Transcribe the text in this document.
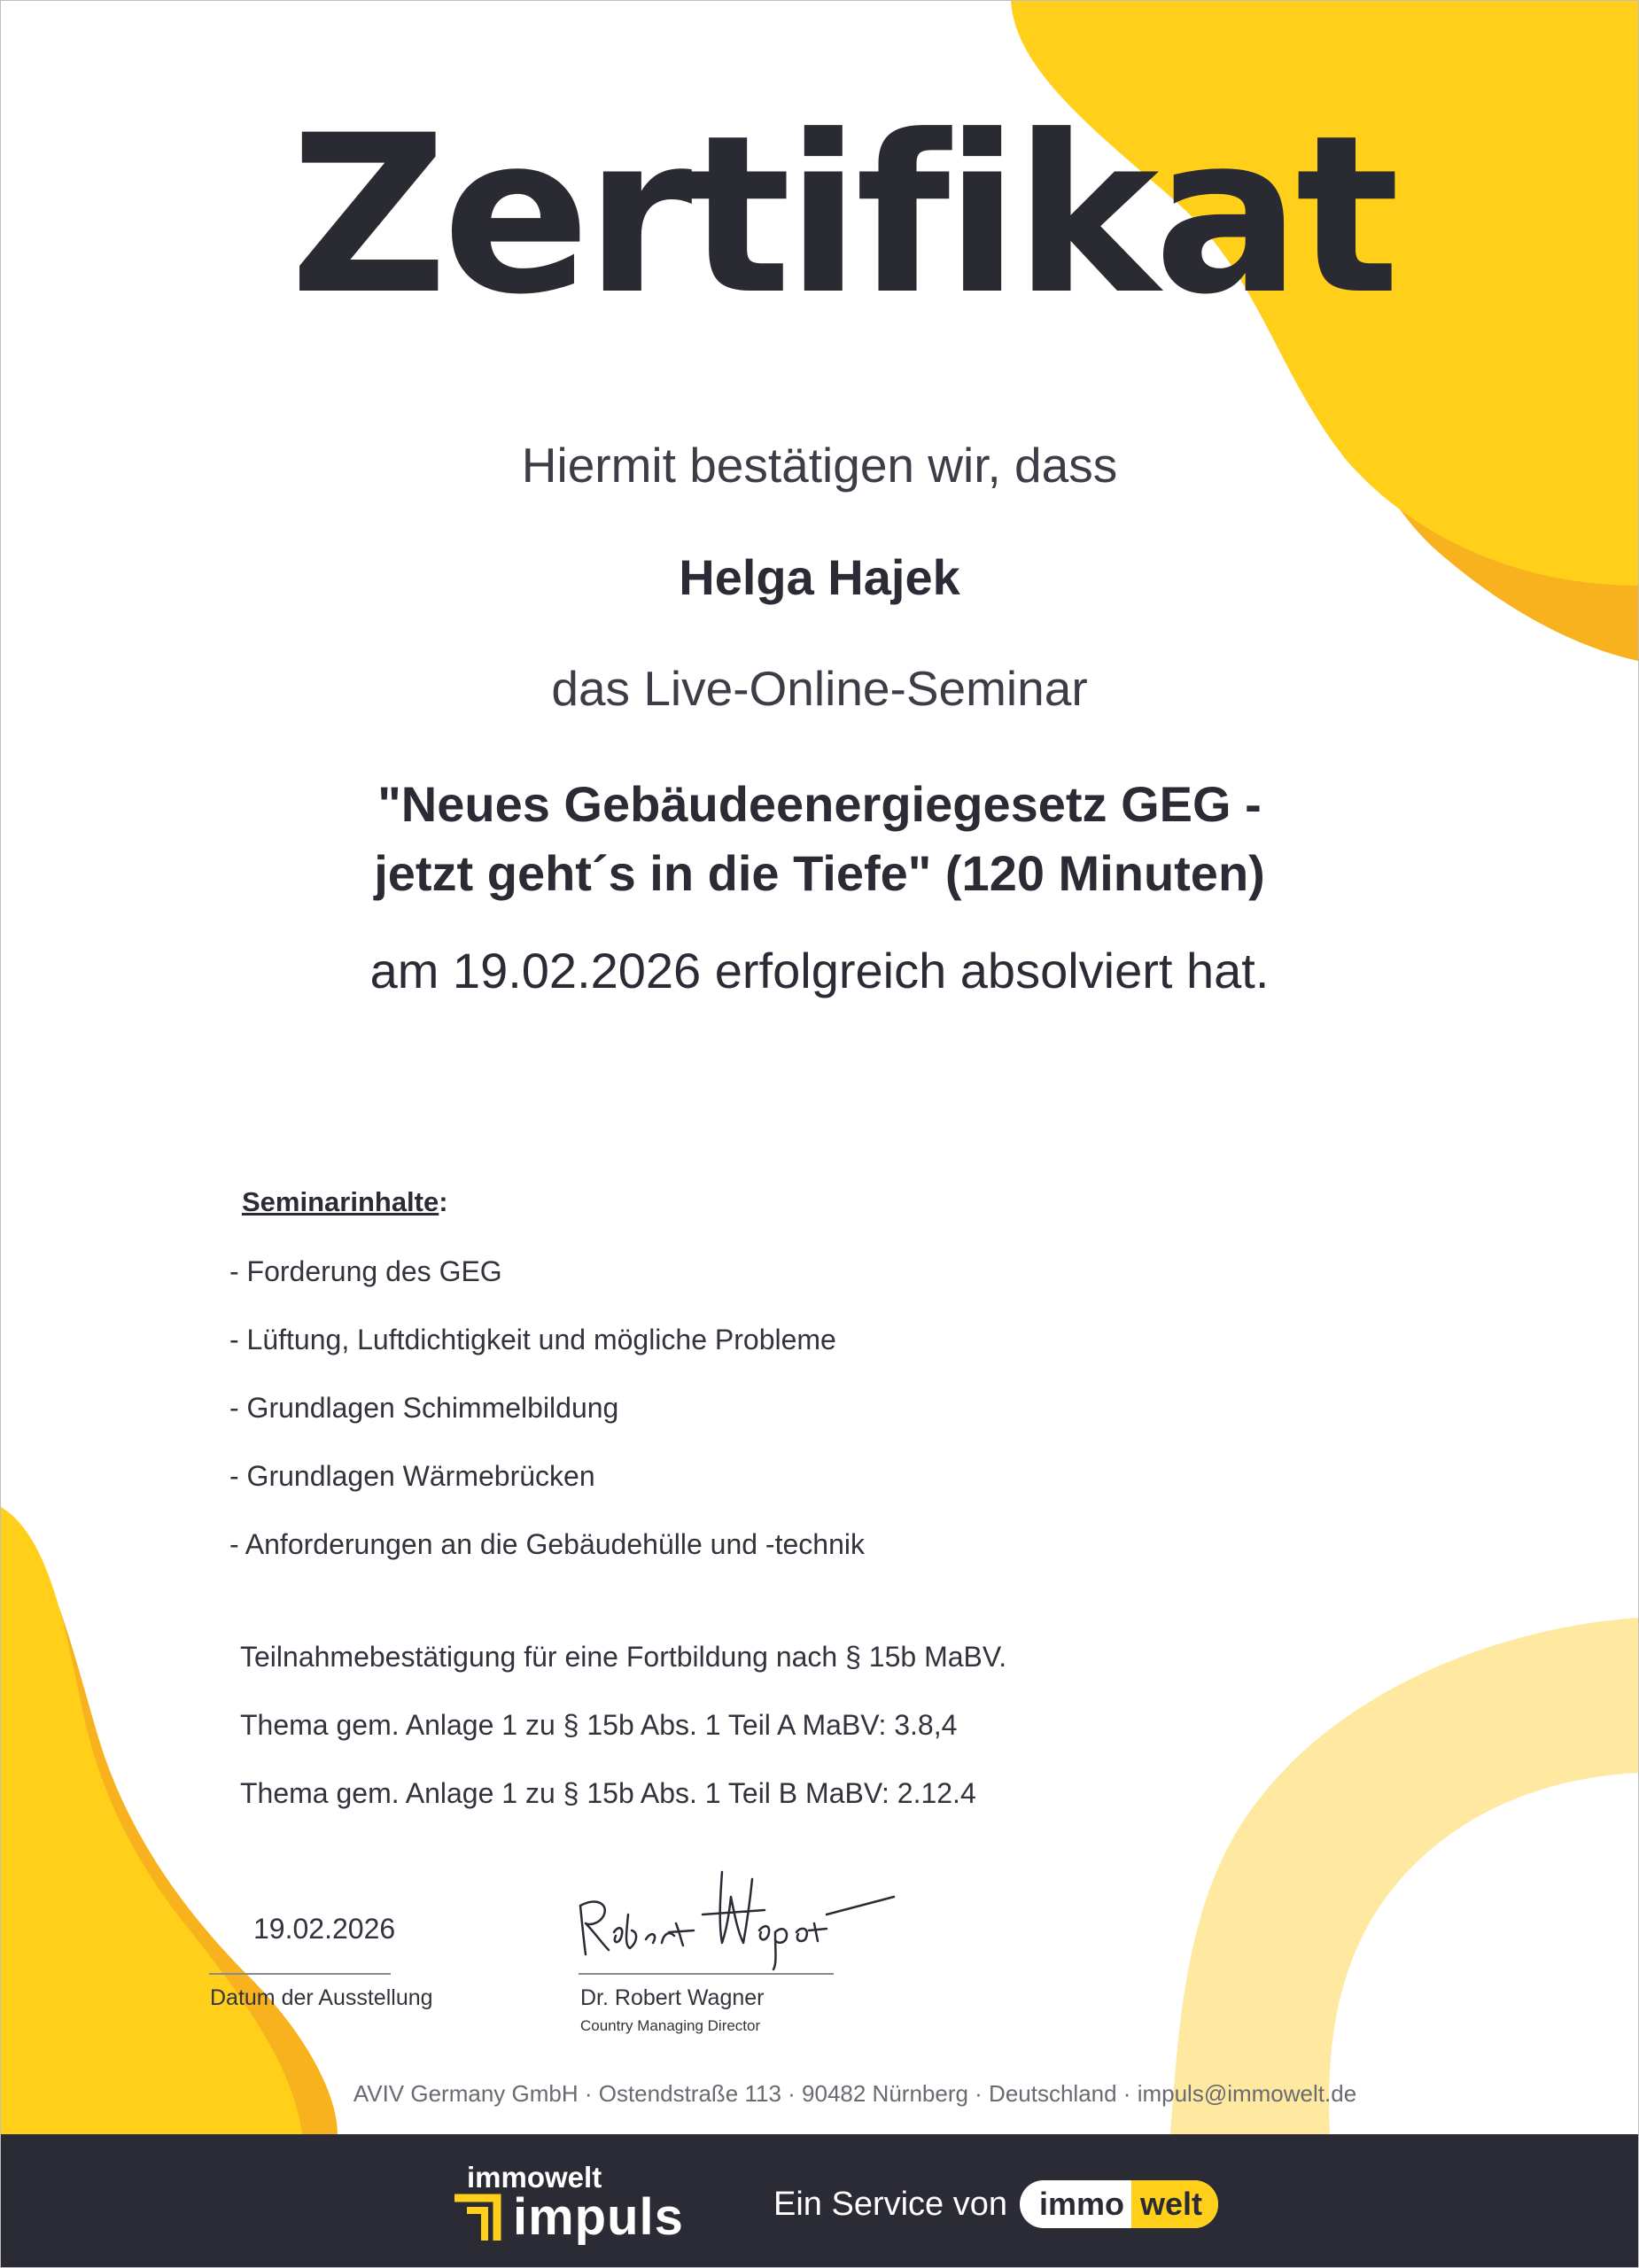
Zertifikat
Hiermit bestätigen wir, dass
Helga Hajek
das Live-Online-Seminar
"Neues Gebäudeenergiegesetz GEG -
jetzt geht´s in die Tiefe" (120 Minuten)
am 19.02.2026 erfolgreich absolviert hat.
Seminarinhalte:
- Forderung des GEG
- Lüftung, Luftdichtigkeit und mögliche Probleme
- Grundlagen Schimmelbildung
- Grundlagen Wärmebrücken
- Anforderungen an die Gebäudehülle und -technik
Teilnahmebestätigung für eine Fortbildung nach § 15b MaBV.
Thema gem. Anlage 1 zu § 15b Abs. 1 Teil A MaBV: 3.8,4
Thema gem. Anlage 1 zu § 15b Abs. 1 Teil B MaBV: 2.12.4
19.02.2026
Datum der Ausstellung	Dr. Robert Wagner
Country Managing Director
AVIV Germany GmbH · Ostendstraße 113 · 90482 Nürnberg · Deutschland · impuls@immowelt.de
immowelt
impuls	Ein Service von immo welt
